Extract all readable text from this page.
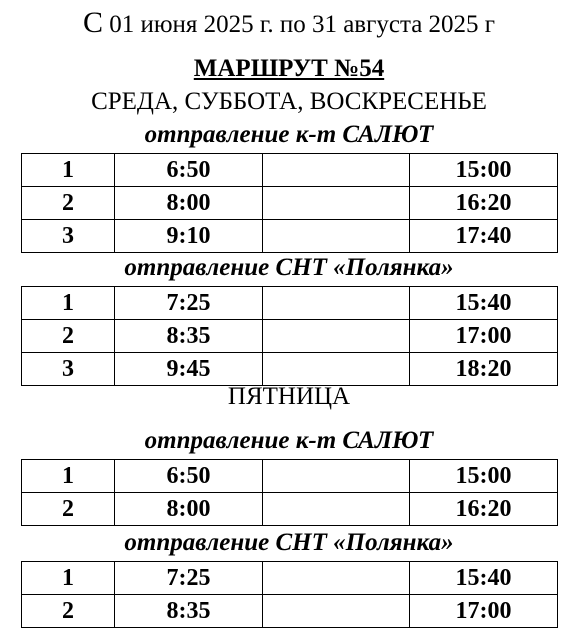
С 01 июня 2025 г. по 31 августа 2025 г
МАРШРУТ №54
СРЕДА, СУББОТА, ВОСКРЕСЕНЬЕ
отправление к-т САЛЮТ
1	6:50		15:00
2	8:00		16:20
3	9:10		17:40
отправление СНТ «Полянка»
1	7:25		15:40
2	8:35		17:00
3	9:45		18:20
ПЯТНИЦА
отправление к-т САЛЮТ
1	6:50		15:00
2	8:00		16:20
отправление СНТ «Полянка»
1	7:25		15:40
2	8:35		17:00
